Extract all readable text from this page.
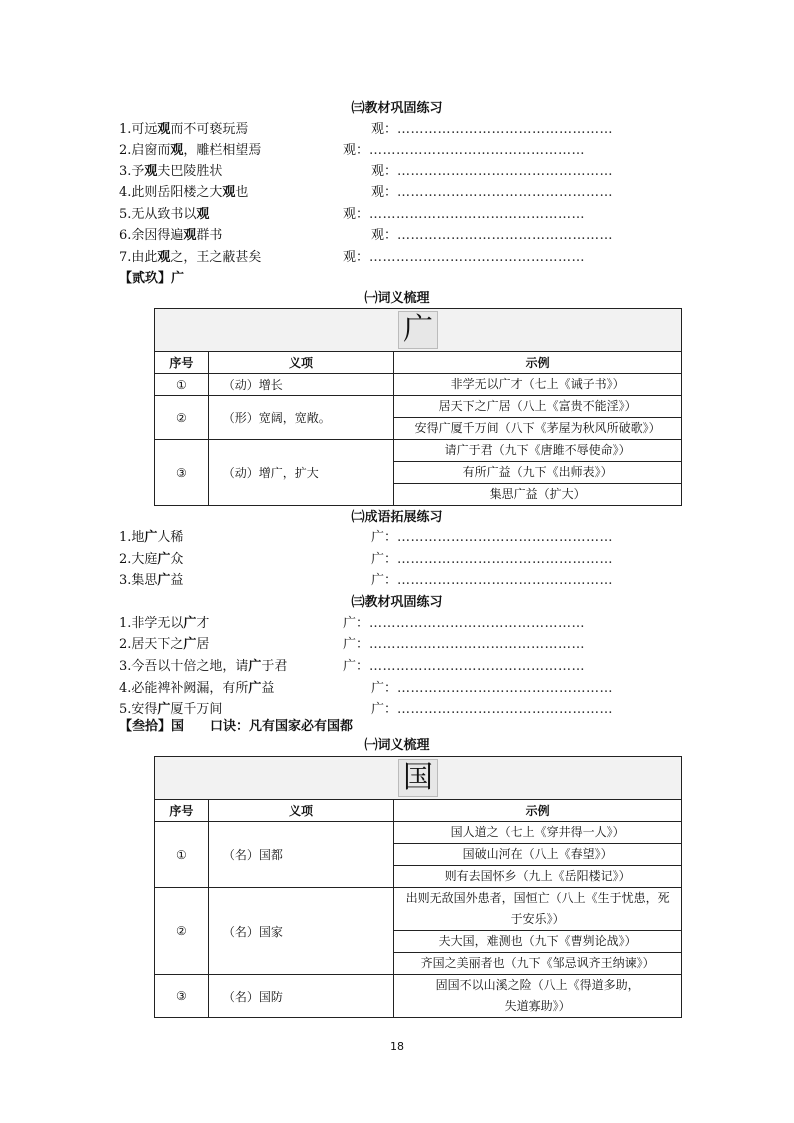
㈢教材巩固练习
1.可远观而不可亵玩焉	观：…………………………………………
2.启窗而观，雕栏相望焉	观：…………………………………………
3.予观夫巴陵胜状	观：…………………………………………
4.此则岳阳楼之大观也	观：…………………………………………
5.无从致书以观	观：…………………………………………
6.余因得遍观群书	观：…………………………………………
7.由此观之，王之蔽甚矣	观：…………………………………………
【贰玖】广
㈠词义梳理
广		
序号	义项	示例
①	（动）增长	非学无以广才（七上《诫子书》）
②	（形）宽阔，宽敞。	居天下之广居（八上《富贵不能淫》）
		安得广厦千万间（八下《茅屋为秋风所破歌》）
③	（动）增广，扩大	请广于君（九下《唐雎不辱使命》）
		有所广益（九下《出师表》）
		集思广益（扩大）
㈡成语拓展练习
1.地广人稀	广：…………………………………………
2.大庭广众	广：…………………………………………
3.集思广益	广：…………………………………………
㈢教材巩固练习
1.非学无以广才	广：…………………………………………
2.居天下之广居	广：…………………………………………
3.今吾以十倍之地，请广于君	广：…………………………………………
4.必能裨补阙漏，有所广益	广：…………………………………………
5.安得广厦千万间	广：…………………………………………
【叁拾】国　　口诀：凡有国家必有国都
㈠词义梳理
国		
序号	义项	示例
①	（名）国都	国人道之（七上《穿井得一人》）
		国破山河在（八上《春望》）
		则有去国怀乡（九上《岳阳楼记》）
②	（名）国家	出则无敌国外患者，国恒亡（八上《生于忧患，死于安乐》）
		夫大国，难测也（九下《曹刿论战》）
		齐国之美丽者也（九下《邹忌讽齐王纳谏》）
③	（名）国防	固国不以山溪之险（八上《得道多助，失道寡助》）
18
